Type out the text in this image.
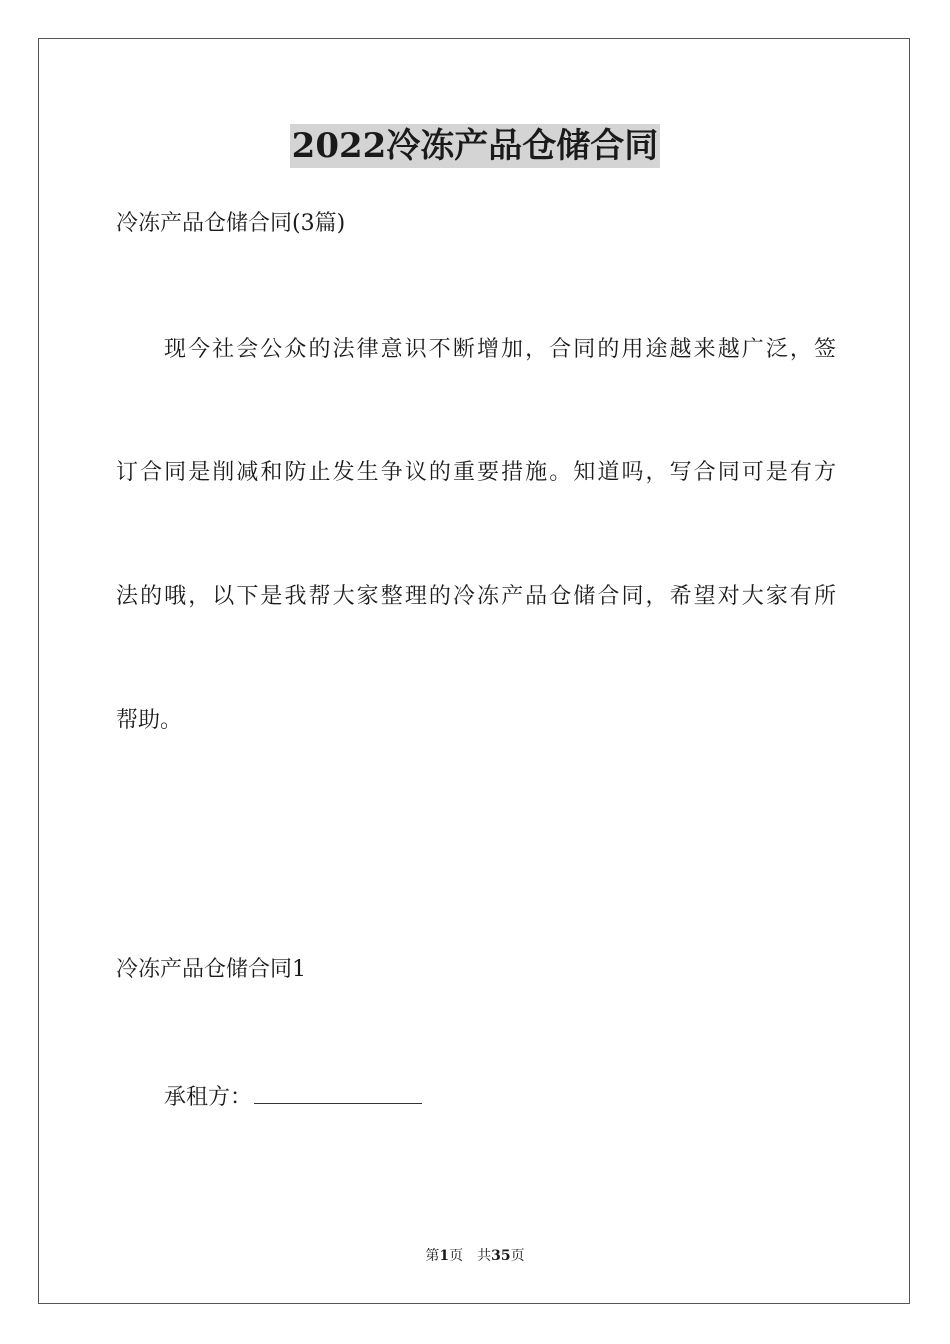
2022冷冻产品仓储合同
冷冻产品仓储合同(3篇)
现今社会公众的法律意识不断增加，合同的用途越来越广泛，签
订合同是削减和防止发生争议的重要措施。知道吗，写合同可是有方
法的哦，以下是我帮大家整理的冷冻产品仓储合同，希望对大家有所
帮助。
冷冻产品仓储合同1
承租方：
第1页 共35页
